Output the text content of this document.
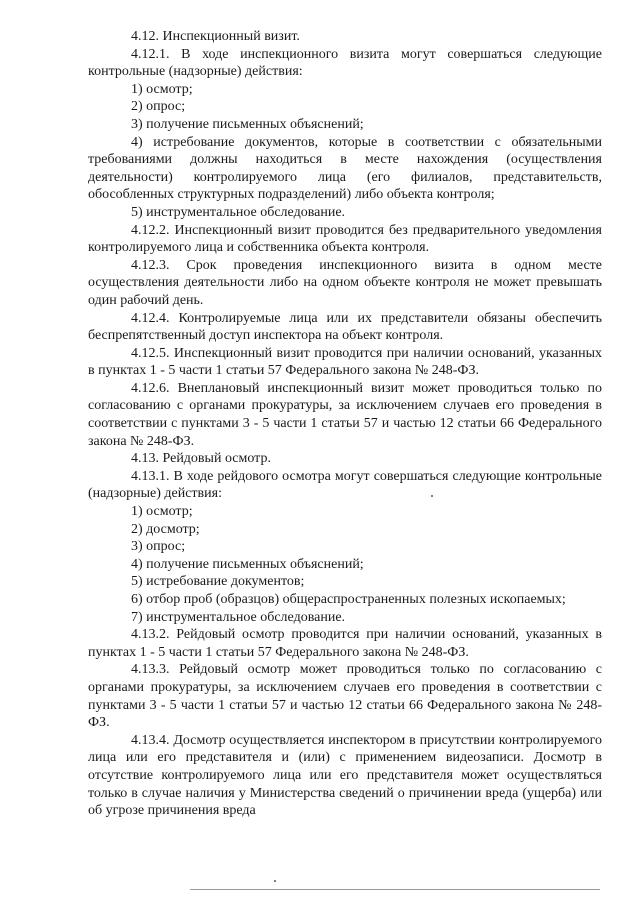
4.12. Инспекционный визит.

4.12.1. В ходе инспекционного визита могут совершаться следующие контрольные (надзорные) действия:

1) осмотр;

2) опрос;

3) получение письменных объяснений;

4) истребование документов, которые в соответствии с обязательными требованиями должны находиться в месте нахождения (осуществления деятельности) контролируемого лица (его филиалов, представительств, обособленных структурных подразделений) либо объекта контроля;

5) инструментальное обследование.

4.12.2. Инспекционный визит проводится без предварительного уведомления контролируемого лица и собственника объекта контроля.

4.12.3. Срок проведения инспекционного визита в одном месте осуществления деятельности либо на одном объекте контроля не может превышать один рабочий день.

4.12.4. Контролируемые лица или их представители обязаны обеспечить беспрепятственный доступ инспектора на объект контроля.

4.12.5. Инспекционный визит проводится при наличии оснований, указанных в пунктах 1 - 5 части 1 статьи 57 Федерального закона № 248-ФЗ.

4.12.6. Внеплановый инспекционный визит может проводиться только по согласованию с органами прокуратуры, за исключением случаев его проведения в соответствии с пунктами 3 - 5 части 1 статьи 57 и частью 12 статьи 66 Федерального закона № 248-ФЗ.

4.13. Рейдовый осмотр.

4.13.1. В ходе рейдового осмотра могут совершаться следующие контрольные (надзорные) действия:

1) осмотр;

2) досмотр;

3) опрос;

4) получение письменных объяснений;

5) истребование документов;

6) отбор проб (образцов) общераспространенных полезных ископаемых;

7) инструментальное обследование.

4.13.2. Рейдовый осмотр проводится при наличии оснований, указанных в пунктах 1 - 5 части 1 статьи 57 Федерального закона № 248-ФЗ.

4.13.3. Рейдовый осмотр может проводиться только по согласованию с органами прокуратуры, за исключением случаев его проведения в соответствии с пунктами 3 - 5 части 1 статьи 57 и частью 12 статьи 66 Федерального закона № 248-ФЗ.

4.13.4. Досмотр осуществляется инспектором в присутствии контролируемого лица или его представителя и (или) с применением видеозаписи. Досмотр в отсутствие контролируемого лица или его представителя может осуществляться только в случае наличия у Министерства сведений о причинении вреда (ущерба) или об угрозе причинения вреда
